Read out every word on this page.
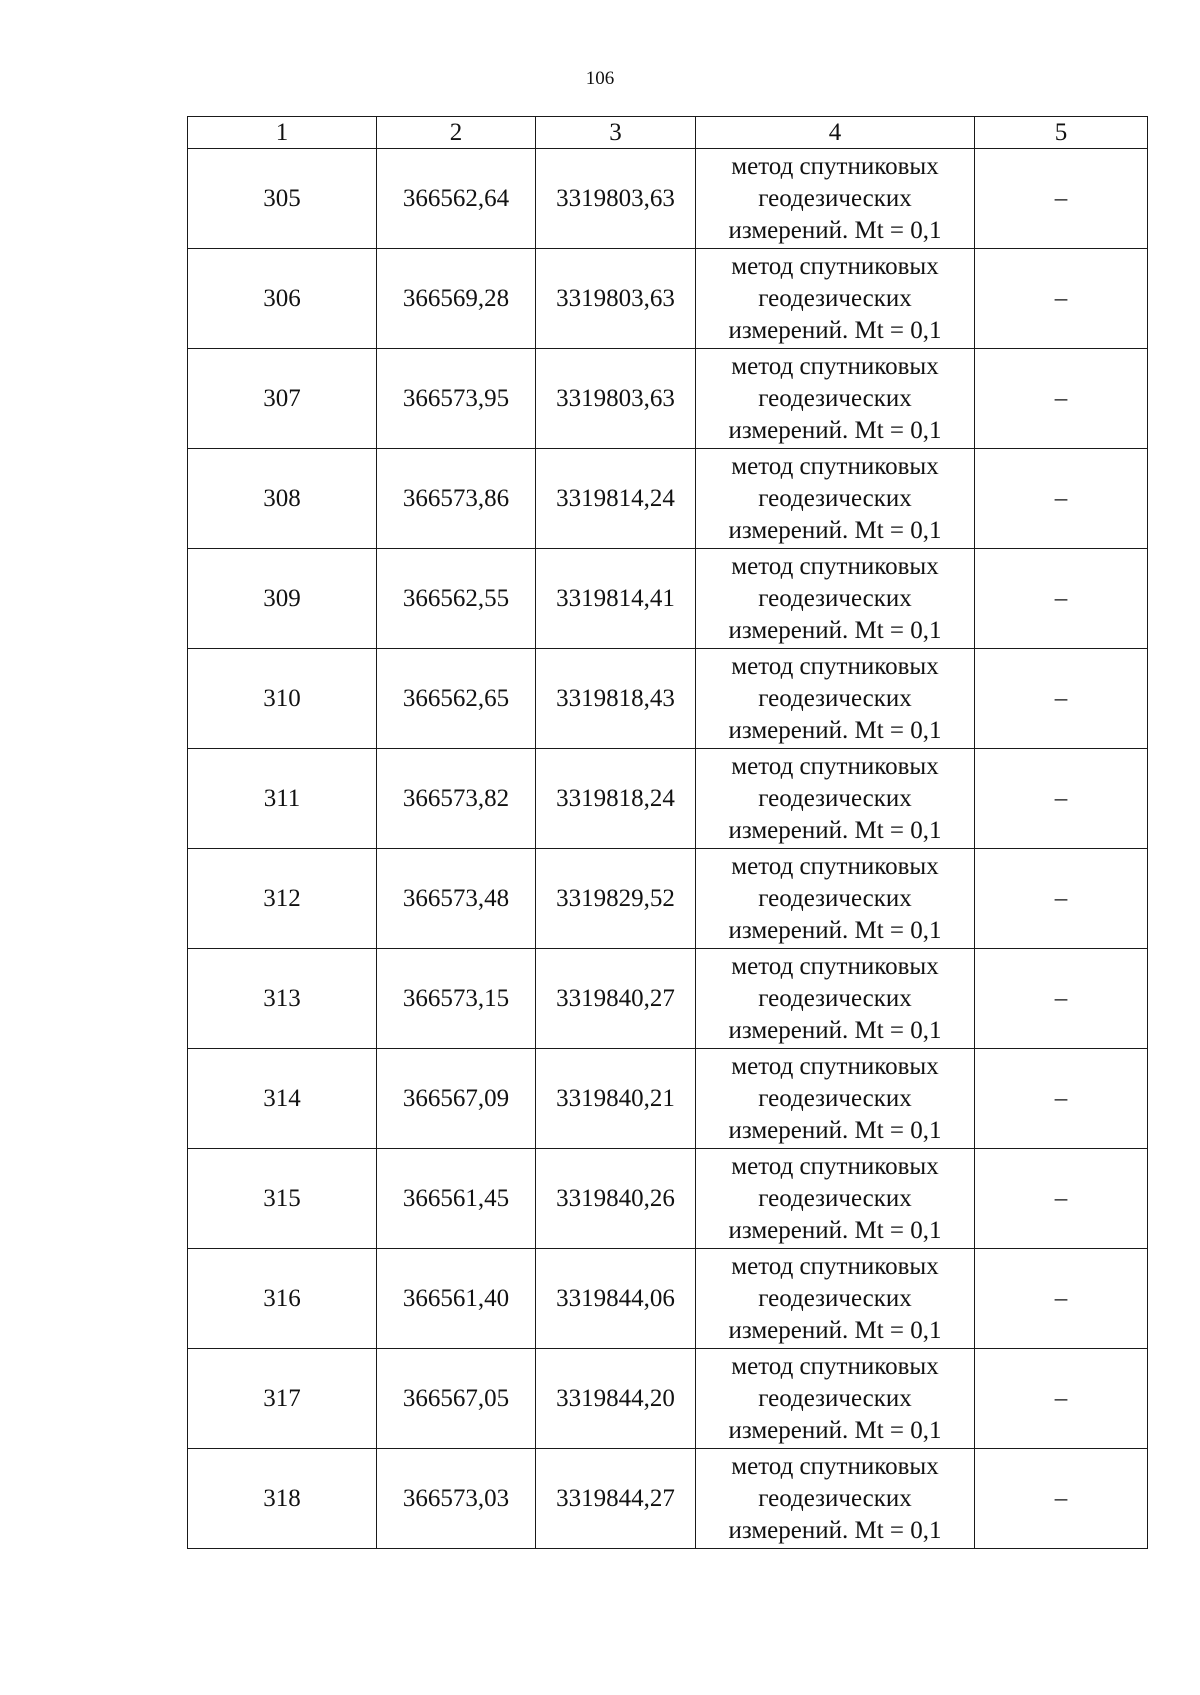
106
1	2	3	4	5
305	366562,64	3319803,63	метод спутниковых геодезических измерений. Mt = 0,1	–
306	366569,28	3319803,63	метод спутниковых геодезических измерений. Mt = 0,1	–
307	366573,95	3319803,63	метод спутниковых геодезических измерений. Mt = 0,1	–
308	366573,86	3319814,24	метод спутниковых геодезических измерений. Mt = 0,1	–
309	366562,55	3319814,41	метод спутниковых геодезических измерений. Mt = 0,1	–
310	366562,65	3319818,43	метод спутниковых геодезических измерений. Mt = 0,1	–
311	366573,82	3319818,24	метод спутниковых геодезических измерений. Mt = 0,1	–
312	366573,48	3319829,52	метод спутниковых геодезических измерений. Mt = 0,1	–
313	366573,15	3319840,27	метод спутниковых геодезических измерений. Mt = 0,1	–
314	366567,09	3319840,21	метод спутниковых геодезических измерений. Mt = 0,1	–
315	366561,45	3319840,26	метод спутниковых геодезических измерений. Mt = 0,1	–
316	366561,40	3319844,06	метод спутниковых геодезических измерений. Mt = 0,1	–
317	366567,05	3319844,20	метод спутниковых геодезических измерений. Mt = 0,1	–
318	366573,03	3319844,27	метод спутниковых геодезических измерений. Mt = 0,1	–
